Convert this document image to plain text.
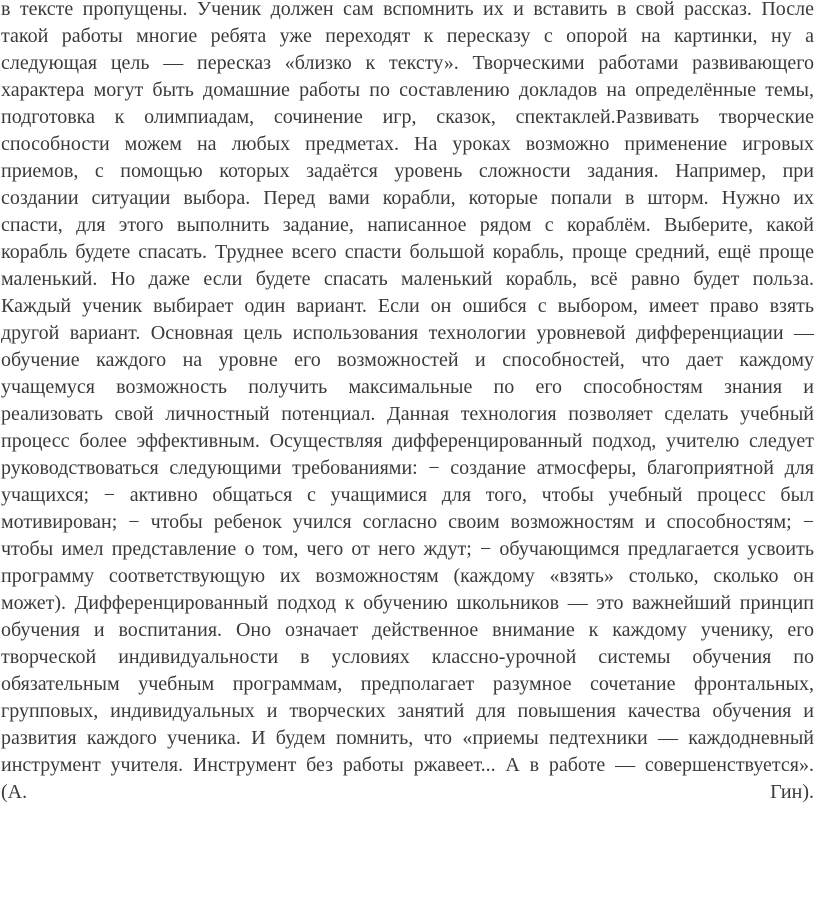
в тексте пропущены. Ученик должен сам вспомнить их и вставить в свой рассказ. После
такой работы многие ребята уже переходят к пересказу с опорой на картинки, ну а
следующая цель — пересказ «близко к тексту». Творческими работами развивающего
характера могут быть домашние работы по составлению докладов на определённые темы,
подготовка к олимпиадам, сочинение игр, сказок, спектаклей.Развивать творческие
способности можем на любых предметах. На уроках возможно применение игровых
приемов, с помощью которых задаётся уровень сложности задания. Например, при
создании ситуации выбора. Перед вами корабли, которые попали в шторм. Нужно их
спасти, для этого выполнить задание, написанное рядом с кораблём. Выберите, какой
корабль будете спасать. Труднее всего спасти большой корабль, проще средний, ещё проще
маленький. Но даже если будете спасать маленький корабль, всё равно будет польза.
Каждый ученик выбирает один вариант. Если он ошибся с выбором, имеет право взять
другой вариант. Основная цель использования технологии уровневой дифференциации —
обучение каждого на уровне его возможностей и способностей, что дает каждому
учащемуся возможность получить максимальные по его способностям знания и
реализовать свой личностный потенциал. Данная технология позволяет сделать учебный
процесс более эффективным. Осуществляя дифференцированный подход, учителю следует
руководствоваться следующими требованиями: − создание атмосферы, благоприятной для
учащихся; − активно общаться с учащимися для того, чтобы учебный процесс был
мотивирован; − чтобы ребенок учился согласно своим возможностям и способностям; −
чтобы имел представление о том, чего от него ждут; − обучающимся предлагается усвоить
программу соответствующую их возможностям (каждому «взять» столько, сколько он
может). Дифференцированный подход к обучению школьников — это важнейший принцип
обучения и воспитания. Оно означает действенное внимание к каждому ученику, его
творческой индивидуальности в условиях классно-урочной системы обучения по
обязательным учебным программам, предполагает разумное сочетание фронтальных,
групповых, индивидуальных и творческих занятий для повышения качества обучения и
развития каждого ученика. И будем помнить, что «приемы педтехники — каждодневный
инструмент учителя. Инструмент без работы ржавеет... А в работе — совершенствуется».
(А. Гин).
